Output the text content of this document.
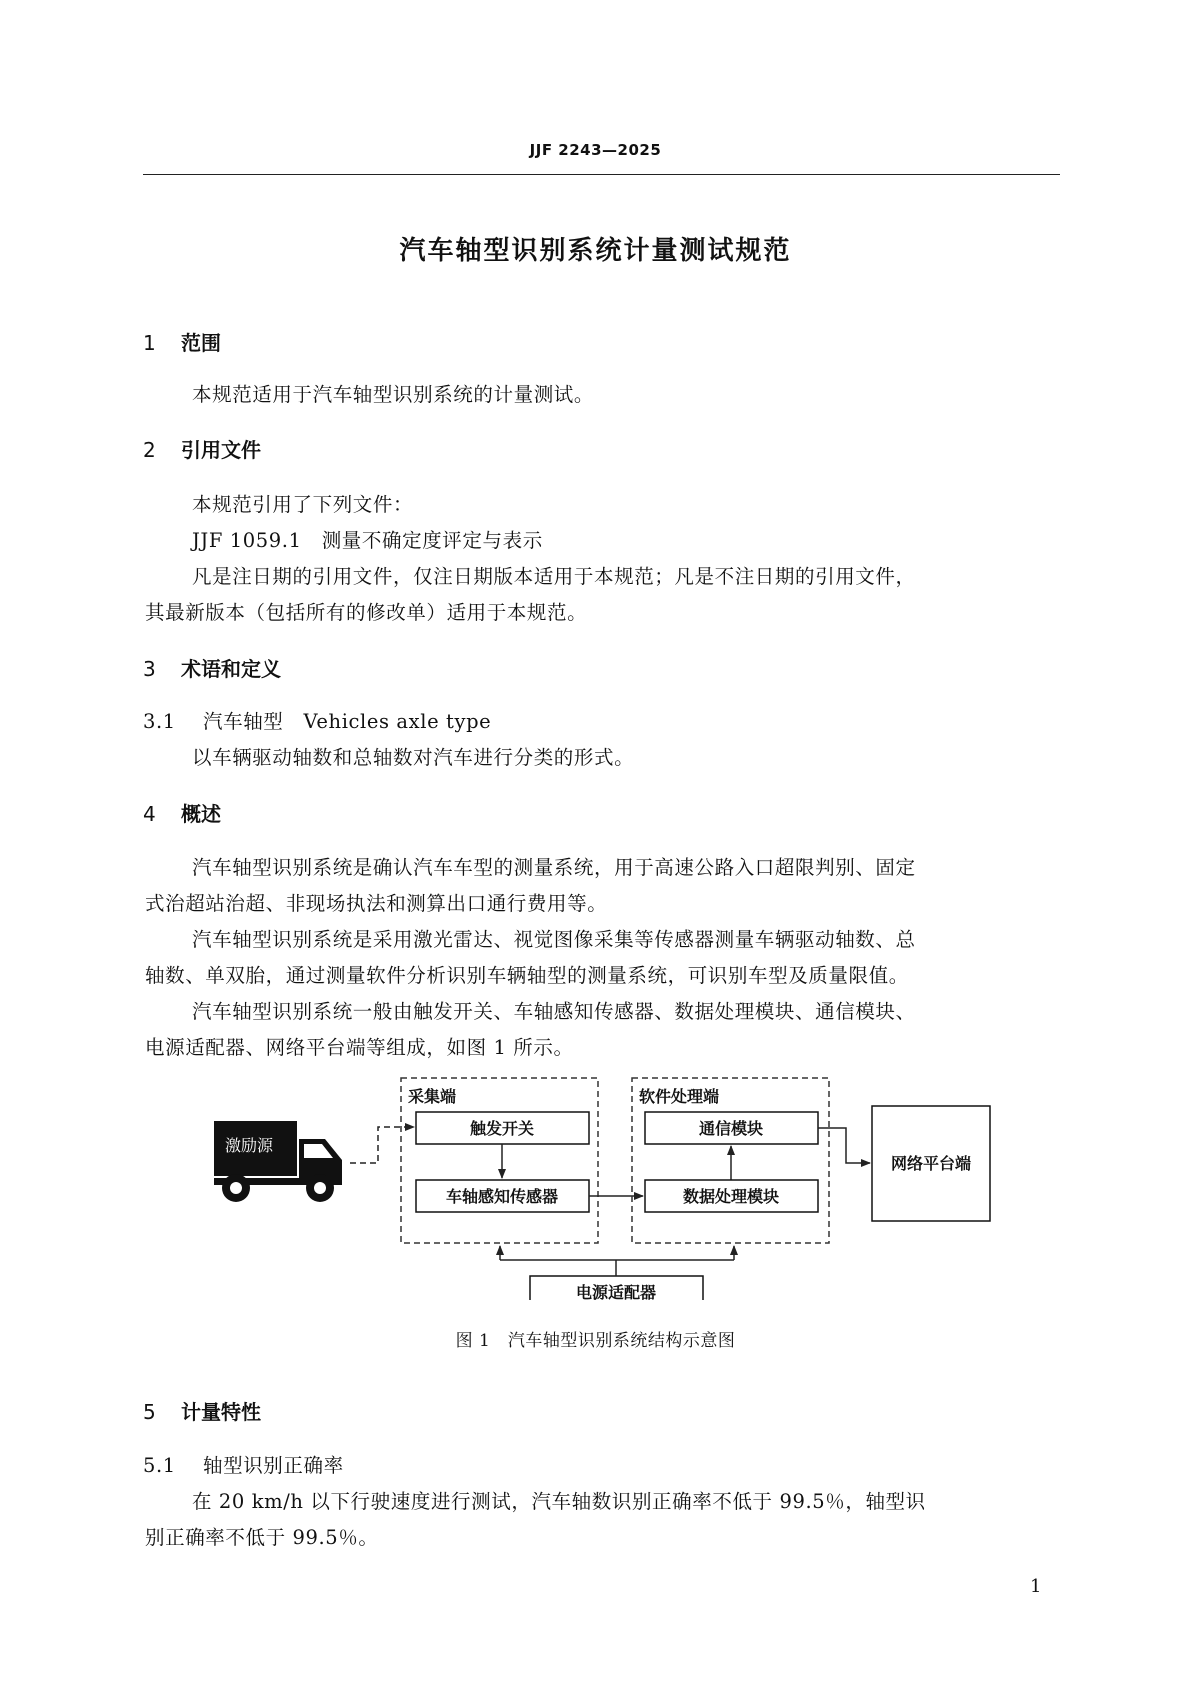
JJF 2243—2025
汽车轴型识别系统计量测试规范
1 范围
本规范适用于汽车轴型识别系统的计量测试。
2 引用文件
本规范引用了下列文件：
JJF 1059.1　测量不确定度评定与表示
凡是注日期的引用文件，仅注日期版本适用于本规范；凡是不注日期的引用文件，
其最新版本（包括所有的修改单）适用于本规范。
3 术语和定义
3.1 汽车轴型　Vehicles axle type
以车辆驱动轴数和总轴数对汽车进行分类的形式。
4 概述
汽车轴型识别系统是确认汽车车型的测量系统，用于高速公路入口超限判别、固定
式治超站治超、非现场执法和测算出口通行费用等。
汽车轴型识别系统是采用激光雷达、视觉图像采集等传感器测量车辆驱动轴数、总
轴数、单双胎，通过测量软件分析识别车辆轴型的测量系统，可识别车型及质量限值。
汽车轴型识别系统一般由触发开关、车轴感知传感器、数据处理模块、通信模块、
电源适配器、网络平台端等组成，如图 1 所示。
激励源
采集端
触发开关
车轴感知传感器
软件处理端
通信模块
数据处理模块
网络平台端
电源适配器
图 1　汽车轴型识别系统结构示意图
5 计量特性
5.1 轴型识别正确率
在 20 km/h 以下行驶速度进行测试，汽车轴数识别正确率不低于 99.5％，轴型识
别正确率不低于 99.5％。
1
